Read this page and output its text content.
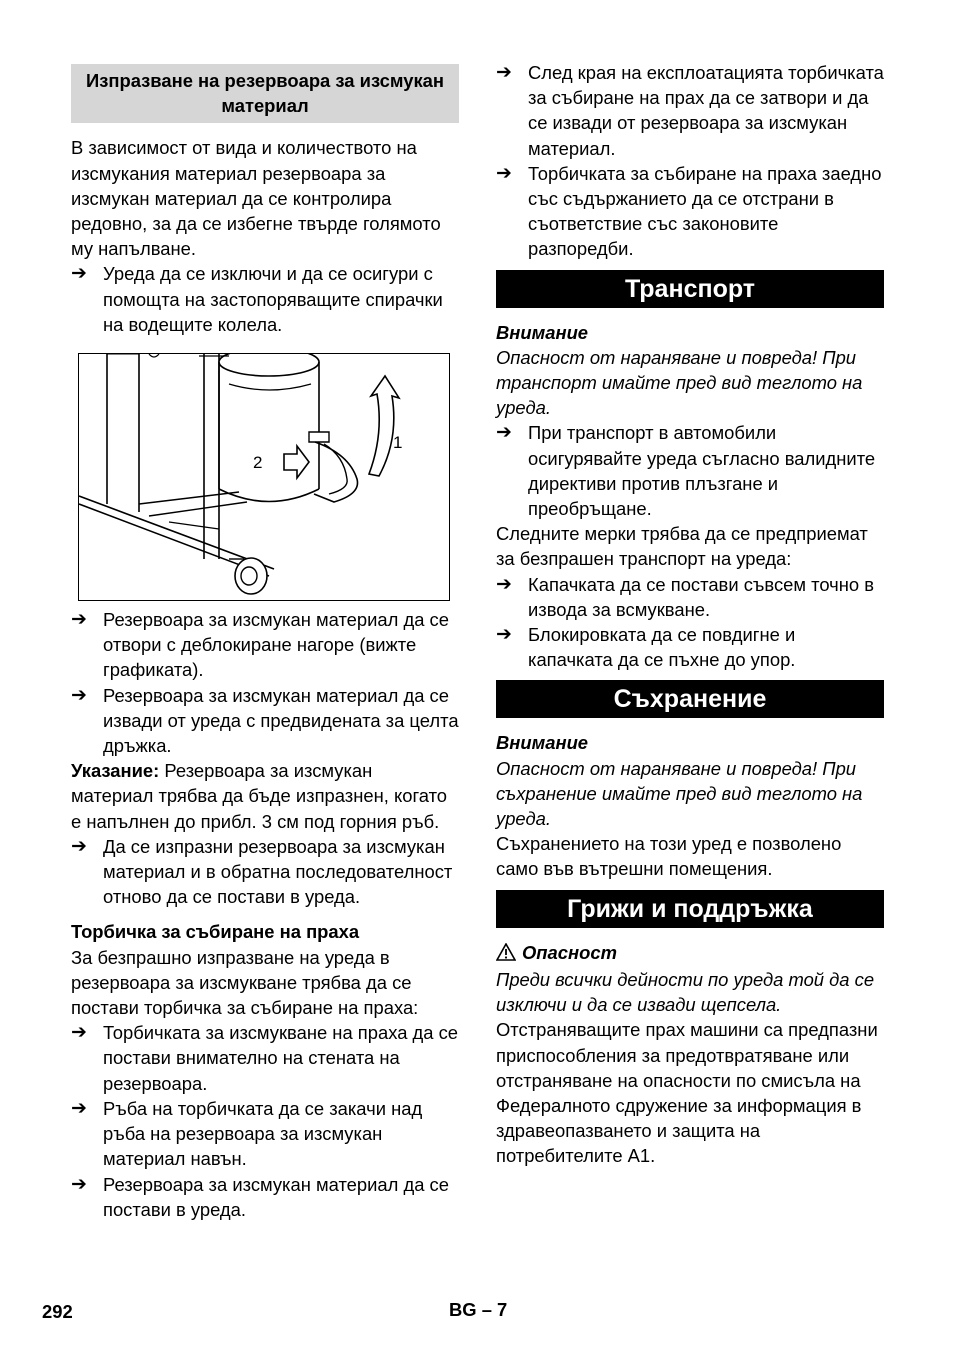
Изпразване на резервоара за изсмукан материал

В зависимост от вида и количеството на изсмукания материал резервоара за изсмукан материал да се контролира редовно, за да се избегне твърде голямото му напълване.

➔ Уреда да се изключи и да се осигури с помощта на застопоряващите спирачки на водещите колела.
2
1
➔ Резервоара за изсмукан материал да се отвори с деблокиране нагоре (вижте графиката).
➔ Резервоара за изсмукан материал да се извади от уреда с предвидената за целта дръжка.

Указание: Резервоара за изсмукан материал трябва да бъде изпразнен, когато е напълнен до прибл. 3 см под горния ръб.

➔ Да се изпразни резервоара за изсмукан материал и в обратна последователност отново да се постави в уреда.

Торбичка за събиране на праха

За безпрашно изпразване на уреда в резервоара за изсмукване трябва да се постави торбичка за събиране на праха:

➔ Торбичката за изсмукване на праха да се постави внимателно на стената на резервоара.
➔ Ръба на торбичката да се закачи над ръба на резервоара за изсмукан материал навън.
➔ Резервоара за изсмукан материал да се постави в уреда.
➔ След края на експлоатацията торбичката за събиране на прах да се затвори и да се извади от резервоара за изсмукан материал.
➔ Торбичката за събиране на праха заедно със съдържанието да се отстрани в съответствие със законовите разпоредби.
Транспорт

Внимание

Опасност от нараняване и повреда! При транспорт имайте пред вид теглото на уреда.

➔ При транспорт в автомобили осигурявайте уреда съгласно валидните директиви против плъзгане и преобръщане.

Следните мерки трябва да се предприемат за безпрашен транспорт на уреда:

➔ Капачката да се постави съвсем точно в извода за всмукване.
➔ Блокировката да се повдигне и капачката да се пъхне до упор.
Съхранение

Внимание

Опасност от нараняване и повреда! При съхранение имайте пред вид теглото на уреда.

Съхранението на този уред е позволено само във вътрешни помещения.

Грижи и поддръжка

Опасност

Преди всички дейности по уреда той да се изключи и да се извади щепсела.

Отстраняващите прах машини са предпазни приспособления за предотвратяване или отстраняване на опасности по смисъла на Федералното сдружение за информация в здравеопазването и защита на потребителите А1.

292	BG – 7
